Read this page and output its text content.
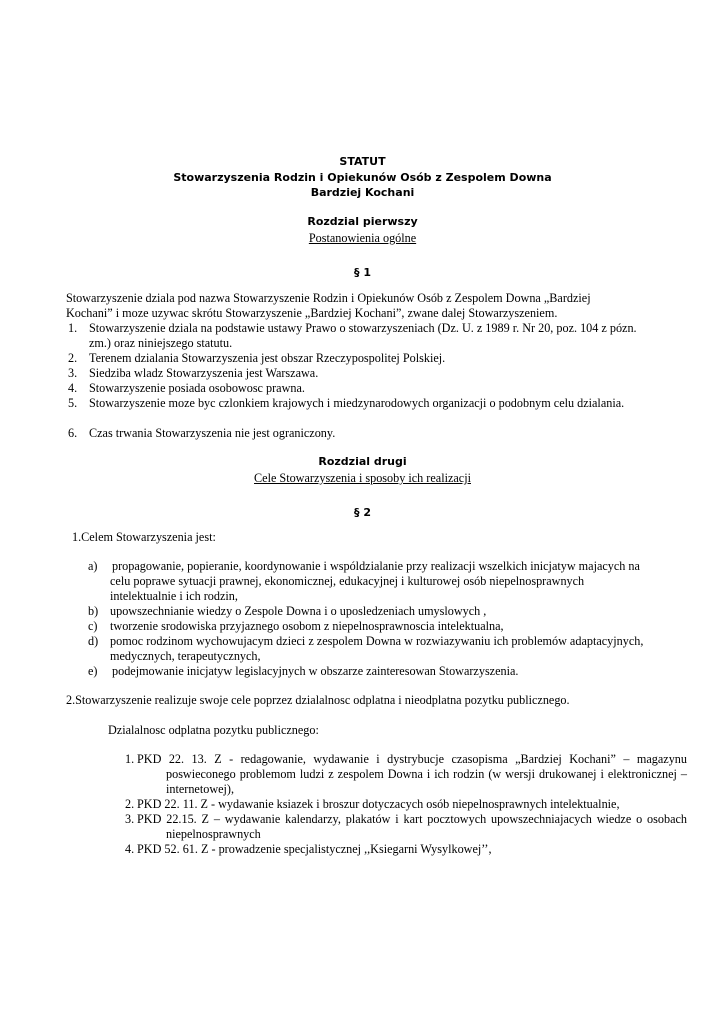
STATUT
Stowarzyszenia Rodzin i Opiekunów Osób z Zespolem Downa
Bardziej Kochani
Rozdzial pierwszy
Postanowienia ogólne
§ 1
Stowarzyszenie dziala pod nazwa Stowarzyszenie Rodzin i Opiekunów Osób z Zespolem Downa „Bardziej
Kochani” i moze uzywac skrótu Stowarzyszenie „Bardziej Kochani”, zwane dalej Stowarzyszeniem.
1. Stowarzyszenie dziala na podstawie ustawy Prawo o stowarzyszeniach (Dz. U. z 1989 r. Nr 20, poz. 104 z pózn. zm.) oraz niniejszego statutu.
2. Terenem dzialania Stowarzyszenia jest obszar Rzeczypospolitej Polskiej.
3. Siedziba wladz Stowarzyszenia jest Warszawa.
4. Stowarzyszenie posiada osobowosc prawna.
5. Stowarzyszenie moze byc czlonkiem krajowych i miedzynarodowych organizacji o podobnym celu dzialania.
6. Czas trwania Stowarzyszenia nie jest ograniczony.
Rozdzial drugi
Cele Stowarzyszenia i sposoby ich realizacji
§ 2
1.Celem Stowarzyszenia jest:
a) propagowanie, popieranie, koordynowanie i wspóldzialanie przy realizacji wszelkich inicjatyw majacych na celu poprawe sytuacji prawnej, ekonomicznej, edukacyjnej i kulturowej osób niepelnosprawnych intelektualnie i ich rodzin,
b) upowszechnianie wiedzy o Zespole Downa i o uposledzeniach umyslowych ,
c) tworzenie srodowiska przyjaznego osobom z niepelnosprawnoscia intelektualna,
d) pomoc rodzinom wychowujacym dzieci z zespolem Downa w rozwiazywaniu ich problemów adaptacyjnych, medycznych, terapeutycznych,
e) podejmowanie inicjatyw legislacyjnych w obszarze zainteresowan Stowarzyszenia.
2.Stowarzyszenie realizuje swoje cele poprzez dzialalnosc odplatna i nieodplatna pozytku publicznego.
Dzialalnosc odplatna pozytku publicznego:
1. PKD 22. 13. Z - redagowanie, wydawanie i dystrybucje czasopisma „Bardziej Kochani” – magazynu poswieconego problemom ludzi z zespolem Downa i ich rodzin (w wersji drukowanej i elektronicznej – internetowej),
2. PKD 22. 11. Z - wydawanie ksiazek i broszur dotyczacych osób niepelnosprawnych intelektualnie,
3. PKD 22.15. Z – wydawanie kalendarzy, plakatów i kart pocztowych upowszechniajacych wiedze o osobach niepelnosprawnych
4. PKD 52. 61. Z - prowadzenie specjalistycznej ,,Ksiegarni Wysylkowej’’,
